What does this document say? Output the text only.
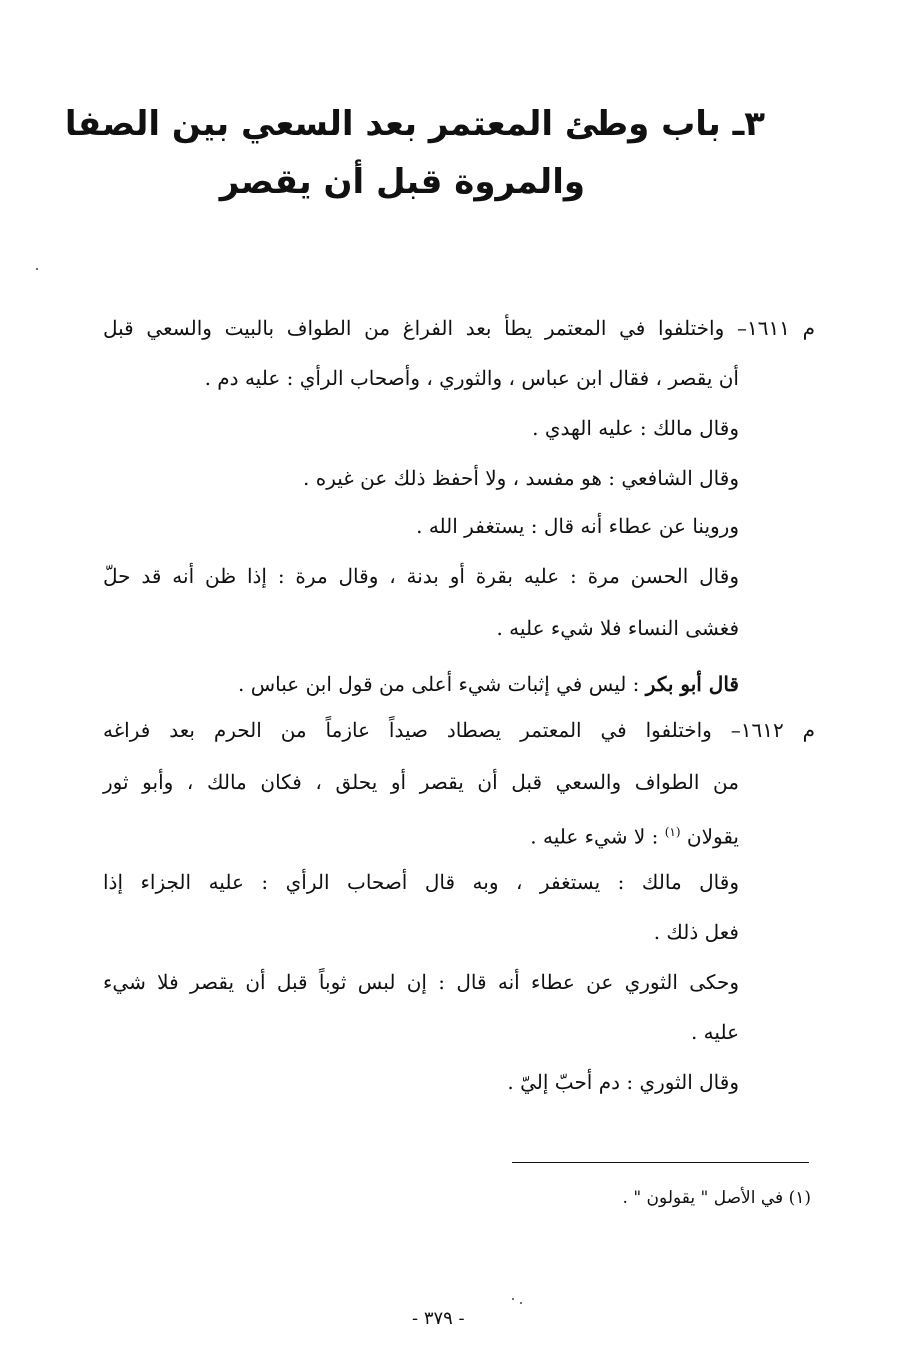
٣ـ باب وطئ المعتمر بعد السعي بين الصفا
والمروة قبل أن يقصر
م ١٦١١– واختلفوا في المعتمر يطأ بعد الفراغ من الطواف بالبيت والسعي قبل
أن يقصر ، فقال ابن عباس ، والثوري ، وأصحاب الرأي : عليه دم .
وقال مالك : عليه الهدي .
وقال الشافعي : هو مفسد ، ولا أحفظ ذلك عن غيره .
وروينا عن عطاء أنه قال : يستغفر الله .
وقال الحسن مرة : عليه بقرة أو بدنة ، وقال مرة : إذا ظن أنه قد حلّ
فغشى النساء فلا شيء عليه .
قال أبو بكر : ليس في إثبات شيء أعلى من قول ابن عباس .
م ١٦١٢– واختلفوا في المعتمر يصطاد صيداً عازماً من الحرم بعد فراغه
من الطواف والسعي قبل أن يقصر أو يحلق ، فكان مالك ، وأبو ثور
يقولان $^{(١)}$ : لا شيء عليه .
وقال مالك : يستغفر ، وبه قال أصحاب الرأي : عليه الجزاء إذا
فعل ذلك .
وحكى الثوري عن عطاء أنه قال : إن لبس ثوباً قبل أن يقصر فلا شيء
عليه .
وقال الثوري : دم أحبّ إليّ .
(١) في الأصل " يقولون " .
- ٣٧٩ -
